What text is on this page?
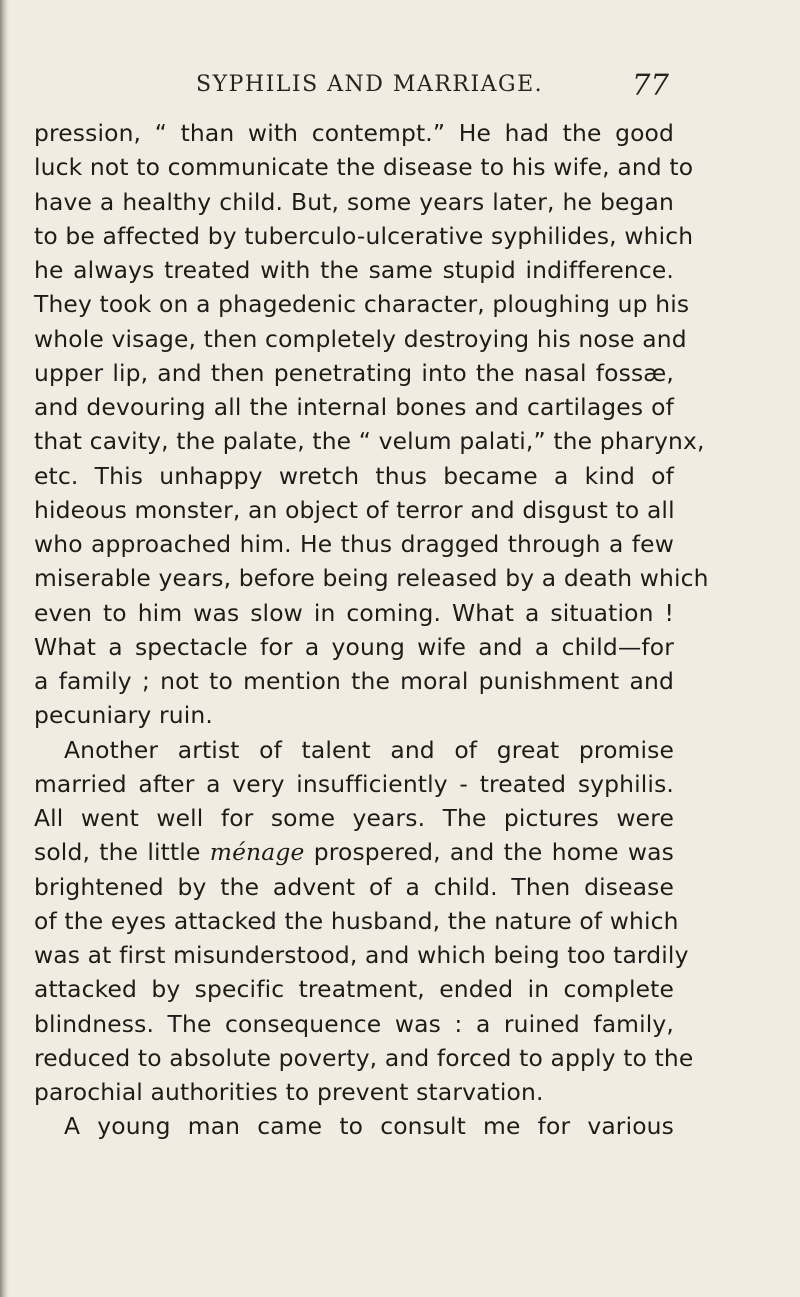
SYPHILIS AND MARRIAGE.	77
pression, “ than with contempt.” He had the good
luck not to communicate the disease to his wife, and to
have a healthy child. But, some years later, he began
to be affected by tuberculo-ulcerative syphilides, which
he always treated with the same stupid indifference.
They took on a phagedenic character, ploughing up his
whole visage, then completely destroying his nose and
upper lip, and then penetrating into the nasal fossæ,
and devouring all the internal bones and cartilages of
that cavity, the palate, the “ velum palati,” the pharynx,
etc. This unhappy wretch thus became a kind of
hideous monster, an object of terror and disgust to all
who approached him. He thus dragged through a few
miserable years, before being released by a death which
even to him was slow in coming. What a situation !
What a spectacle for a young wife and a child—for
a family ; not to mention the moral punishment and
pecuniary ruin.
Another artist of talent and of great promise
married after a very insufficiently - treated syphilis.
All went well for some years. The pictures were
sold, the little ménage prospered, and the home was
brightened by the advent of a child. Then disease
of the eyes attacked the husband, the nature of which
was at first misunderstood, and which being too tardily
attacked by specific treatment, ended in complete
blindness. The consequence was : a ruined family,
reduced to absolute poverty, and forced to apply to the
parochial authorities to prevent starvation.
A young man came to consult me for various
